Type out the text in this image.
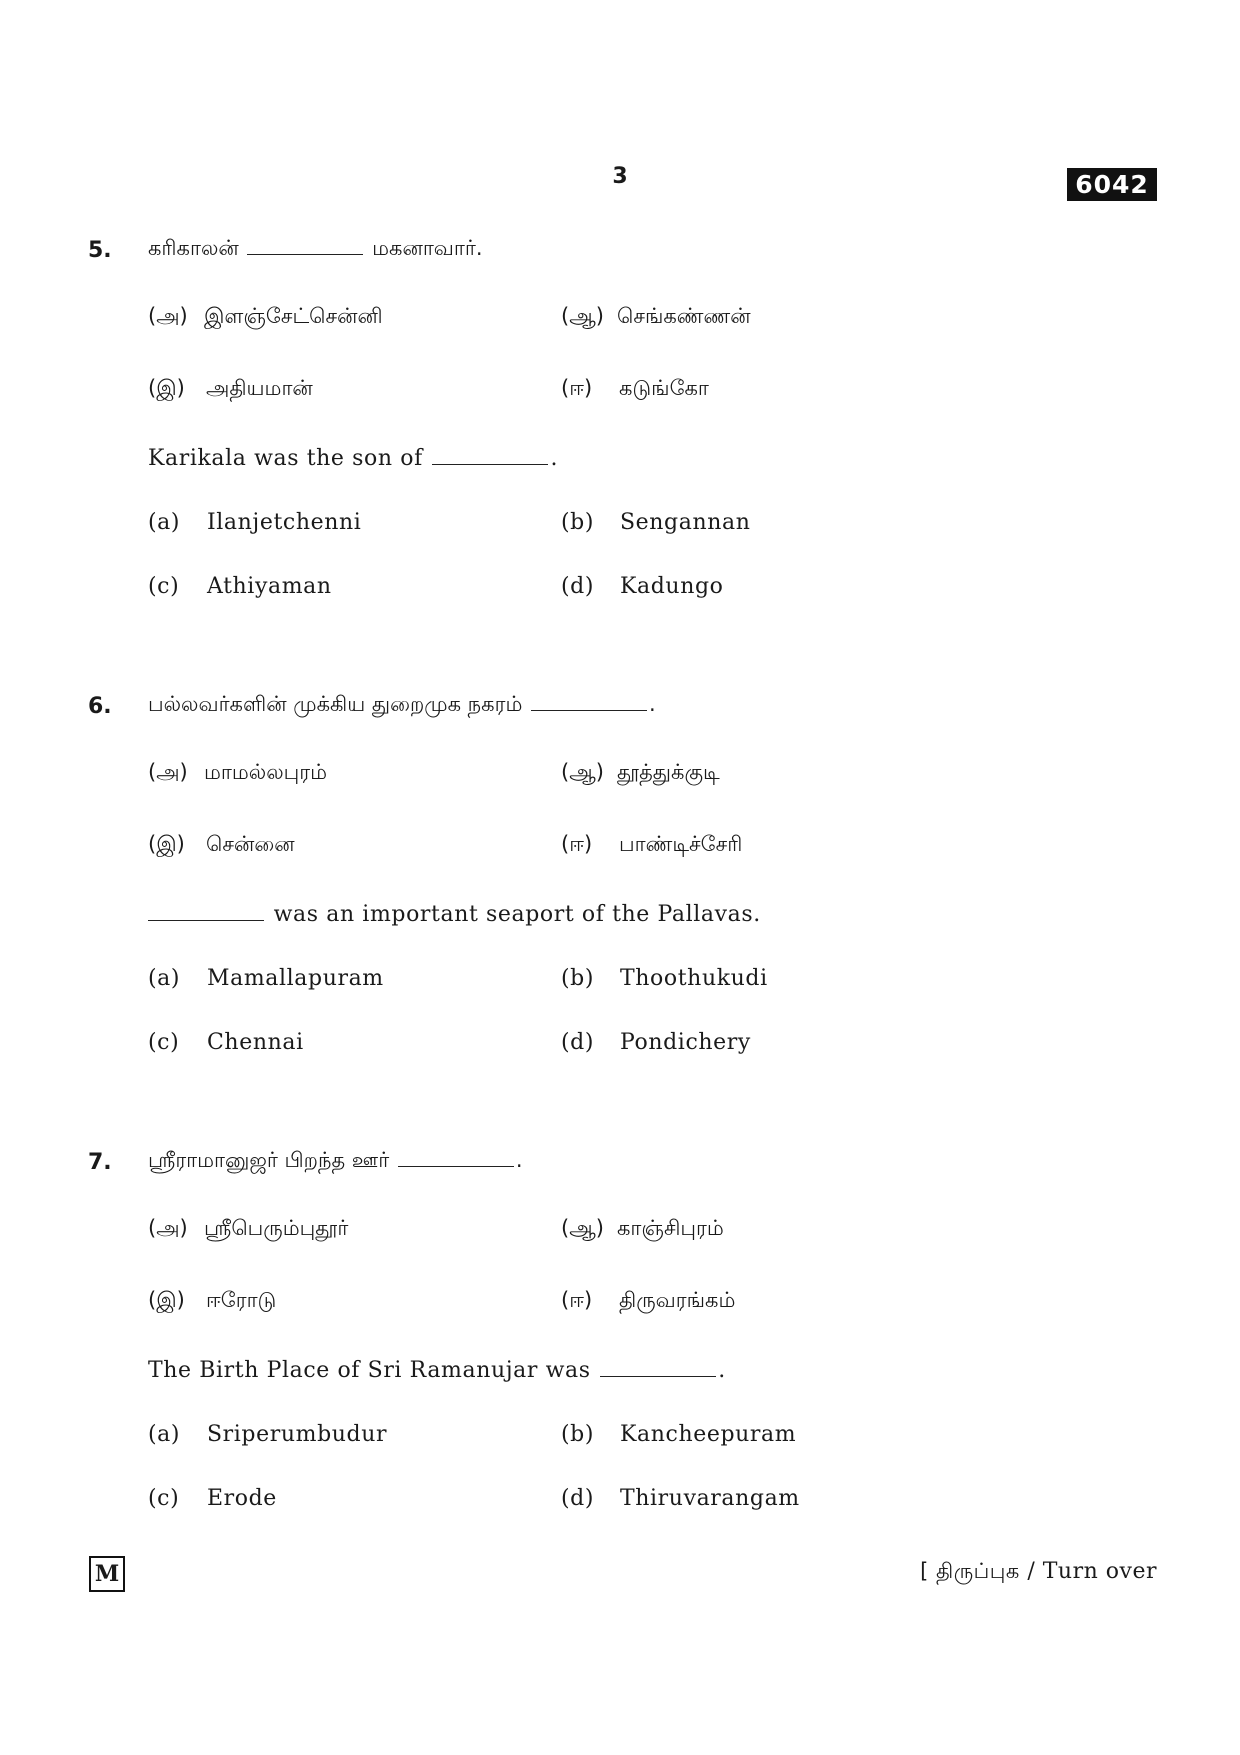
3	6042
5. கரிகாலன்	மகனாவார்.
(அ) இளஞ்சேட்சென்னி	(ஆ) செங்கண்ணன்
(இ) அதியமான்	(ஈ) கடுங்கோ
Karikala was the son of	.
(a) Ilanjetchenni	(b) Sengannan
(c) Athiyaman	(d) Kadungo
6. பல்லவர்களின் முக்கிய துறைமுக நகரம்	.
(அ) மாமல்லபுரம்	(ஆ) தூத்துக்குடி
(இ) சென்னை	(ஈ) பாண்டிச்சேரி
was an important seaport of the Pallavas.
(a) Mamallapuram	(b) Thoothukudi
(c) Chennai	(d) Pondichery
7. ஸ்ரீராமானுஜர் பிறந்த ஊர்	.
(அ) ஸ்ரீபெரும்புதூர்	(ஆ) காஞ்சிபுரம்
(இ) ஈரோடு	(ஈ) திருவரங்கம்
The Birth Place of Sri Ramanujar was	.
(a) Sriperumbudur	(b) Kancheepuram
(c) Erode	(d) Thiruvarangam
M	[ திருப்புக / Turn over
